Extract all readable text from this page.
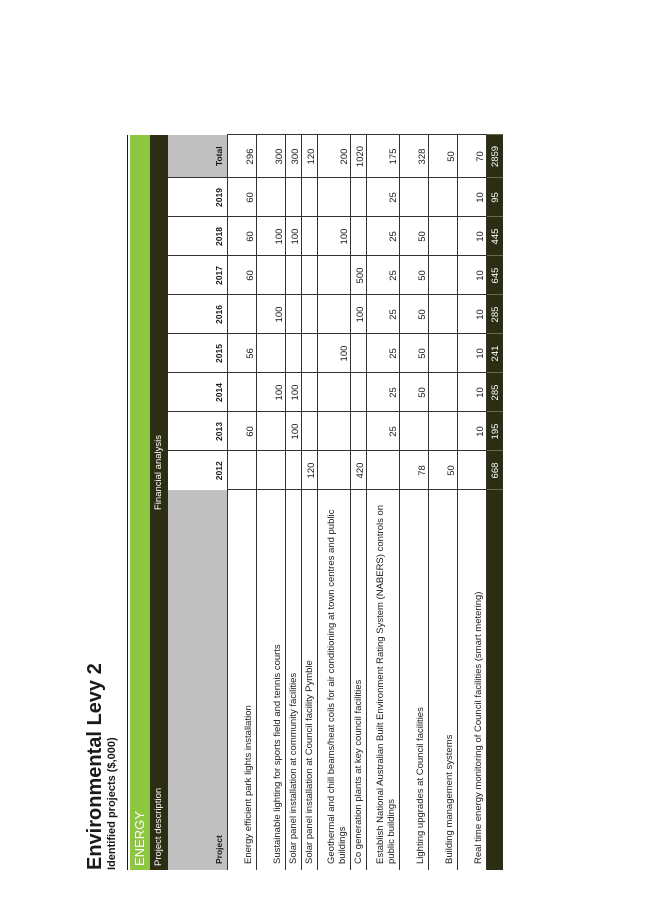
Environmental Levy 2 Identified projects ($,000) ENERGY Project description
Financial analysis
Project	2012	2013	2014	2015	2016	2017	2018	2019	Total
Energy efficient park lights installation		60		56		60	60	60	296
Sustainable lighting for sports field and tennis courts			100		100		100		300
Solar panel installation at community facilities		100	100				100		300
Solar panel installation at Council facility Pymble	120								120
Geothermal and chill beams/heat coils for air conditioning at town centres and public buildings				100			100		200
Co generation plants at key council facilities	420				100	500			1020
Establish National Australian Built Environment Rating System (NABERS) controls on public buildings		25	25	25	25	25	25	25	175
Lighting upgrades at Council facilities	78		50	50	50	50	50		328
Building management systems	50								50
Real time energy monitoring of Council facilities (smart metering)		10	10	10	10	10	10	10	70
	668	195	285	241	285	645	445	95	2859
